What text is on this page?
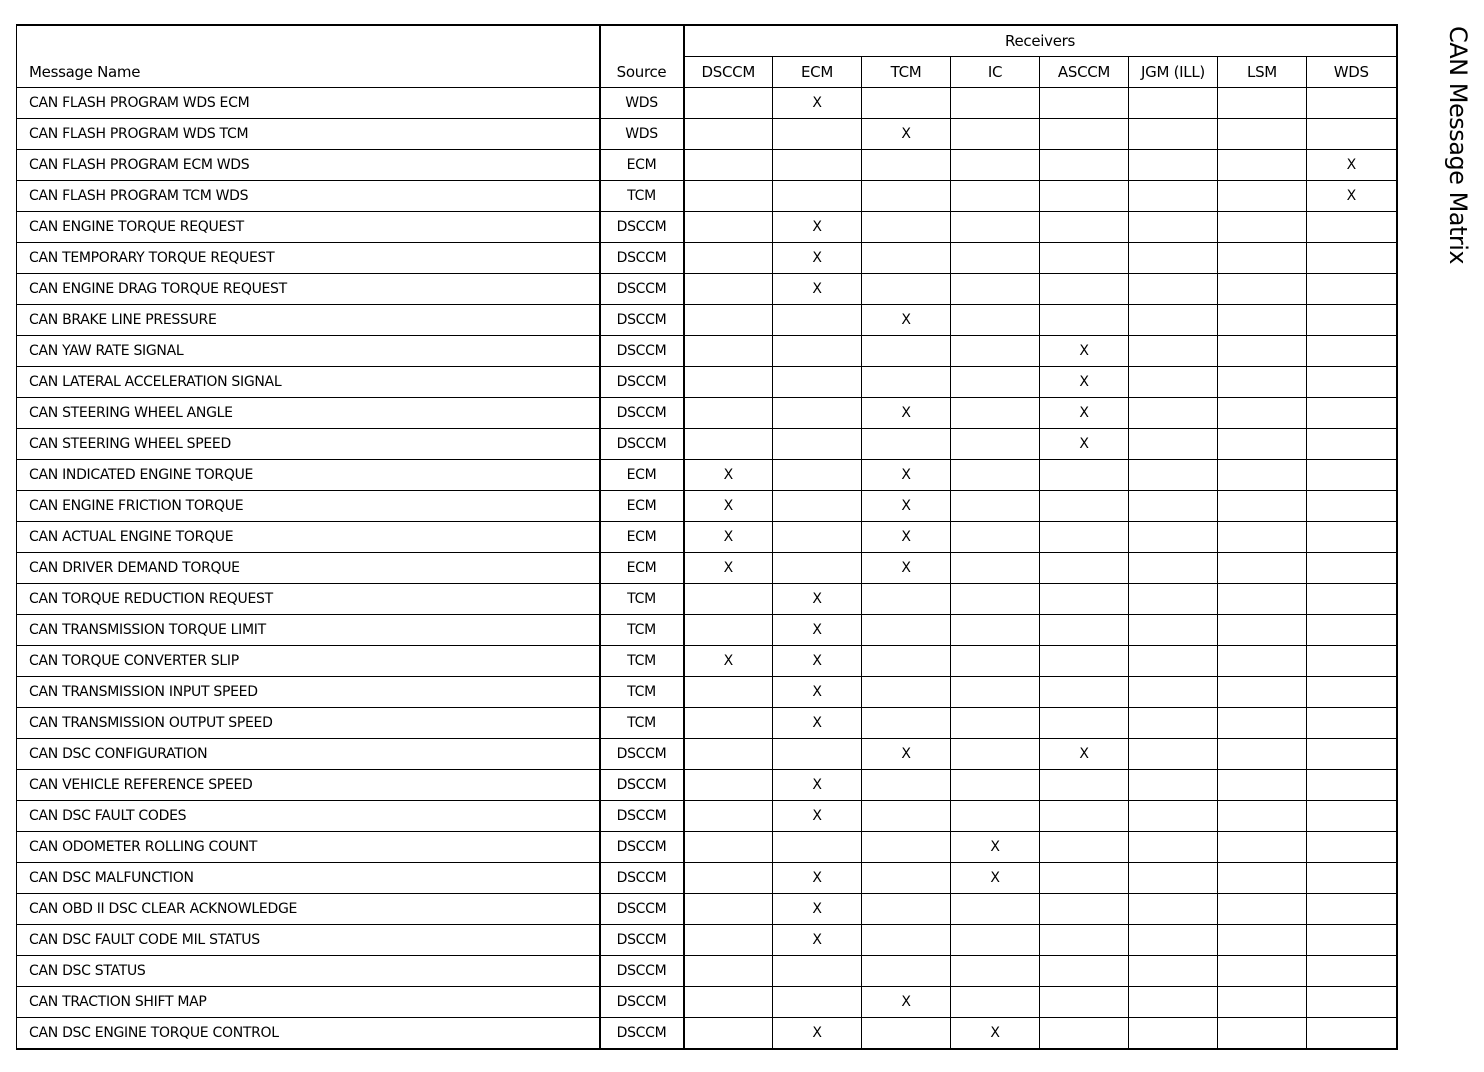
Message Name	Source	Receivers							
		DSCCM	ECM	TCM	IC	ASCCM	JGM (ILL)	LSM	WDS
CAN FLASH PROGRAM WDS ECM	WDS		X						
CAN FLASH PROGRAM WDS TCM	WDS			X					
CAN FLASH PROGRAM ECM WDS	ECM								X
CAN FLASH PROGRAM TCM WDS	TCM								X
CAN ENGINE TORQUE REQUEST	DSCCM		X						
CAN TEMPORARY TORQUE REQUEST	DSCCM		X						
CAN ENGINE DRAG TORQUE REQUEST	DSCCM		X						
CAN BRAKE LINE PRESSURE	DSCCM			X					
CAN YAW RATE SIGNAL	DSCCM					X			
CAN LATERAL ACCELERATION SIGNAL	DSCCM					X			
CAN STEERING WHEEL ANGLE	DSCCM			X		X			
CAN STEERING WHEEL SPEED	DSCCM					X			
CAN INDICATED ENGINE TORQUE	ECM	X		X					
CAN ENGINE FRICTION TORQUE	ECM	X		X					
CAN ACTUAL ENGINE TORQUE	ECM	X		X					
CAN DRIVER DEMAND TORQUE	ECM	X		X					
CAN TORQUE REDUCTION REQUEST	TCM		X						
CAN TRANSMISSION TORQUE LIMIT	TCM		X						
CAN TORQUE CONVERTER SLIP	TCM	X	X						
CAN TRANSMISSION INPUT SPEED	TCM		X						
CAN TRANSMISSION OUTPUT SPEED	TCM		X						
CAN DSC CONFIGURATION	DSCCM			X		X			
CAN VEHICLE REFERENCE SPEED	DSCCM		X						
CAN DSC FAULT CODES	DSCCM		X						
CAN ODOMETER ROLLING COUNT	DSCCM				X				
CAN DSC MALFUNCTION	DSCCM		X		X				
CAN OBD II DSC CLEAR ACKNOWLEDGE	DSCCM		X						
CAN DSC FAULT CODE MIL STATUS	DSCCM		X						
CAN DSC STATUS	DSCCM								
CAN TRACTION SHIFT MAP	DSCCM			X					
CAN DSC ENGINE TORQUE CONTROL	DSCCM		X		X				
CAN Message Matrix
